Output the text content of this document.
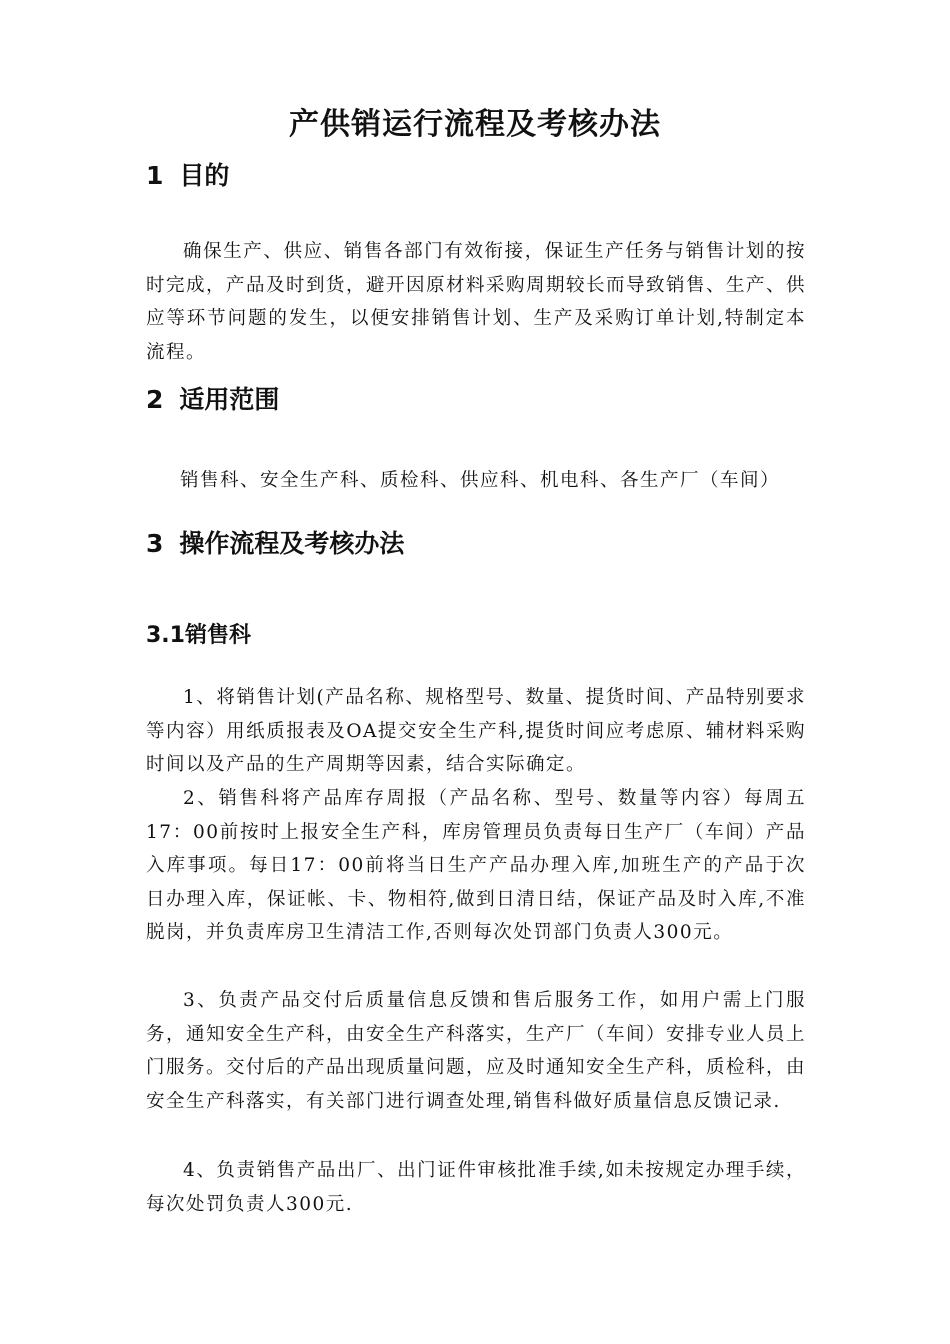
产供销运行流程及考核办法
1 目的

确保生产、供应、销售各部门有效衔接，保证生产任务与销售计划的按时完成，产品及时到货，避开因原材料采购周期较长而导致销售、生产、供应等环节问题的发生，以便安排销售计划、生产及采购订单计划,特制定本流程。

2 适用范围

销售科、安全生产科、质检科、供应科、机电科、各生产厂（车间）

3 操作流程及考核办法
3.1销售科

1、将销售计划(产品名称、规格型号、数量、提货时间、产品特别要求等内容）用纸质报表及OA提交安全生产科,提货时间应考虑原、辅材料采购时间以及产品的生产周期等因素，结合实际确定。

2、销售科将产品库存周报（产品名称、型号、数量等内容）每周五17：00前按时上报安全生产科，库房管理员负责每日生产厂（车间）产品入库事项。每日17：00前将当日生产产品办理入库,加班生产的产品于次日办理入库，保证帐、卡、物相符,做到日清日结，保证产品及时入库,不准脱岗，并负责库房卫生清洁工作,否则每次处罚部门负责人300元。

3、负责产品交付后质量信息反馈和售后服务工作，如用户需上门服务，通知安全生产科，由安全生产科落实，生产厂（车间）安排专业人员上门服务。交付后的产品出现质量问题，应及时通知安全生产科，质检科，由安全生产科落实，有关部门进行调查处理,销售科做好质量信息反馈记录.

4、负责销售产品出厂、出门证件审核批准手续,如未按规定办理手续，每次处罚负责人300元.
